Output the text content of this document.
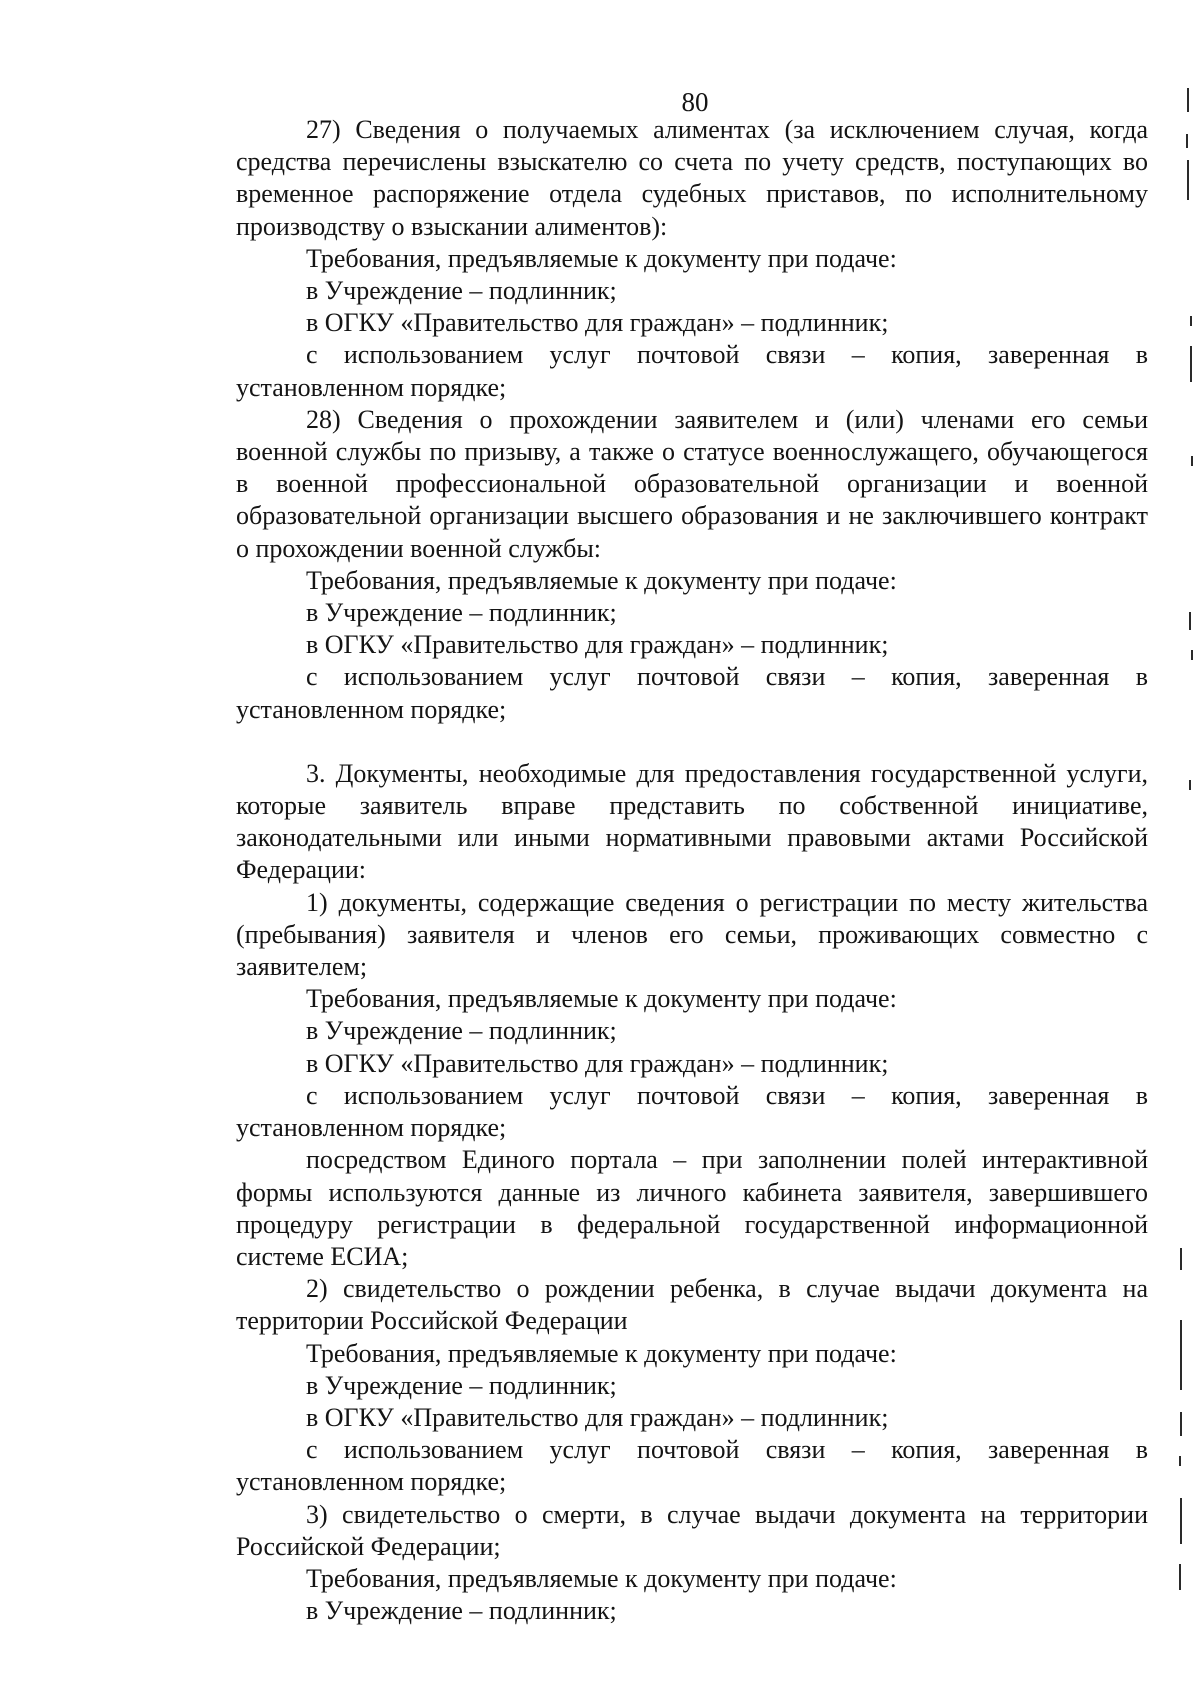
80

27) Сведения о получаемых алиментах (за исключением случая, когда средства перечислены взыскателю со счета по учету средств, поступающих во временное распоряжение отдела судебных приставов, по исполнительному производству о взыскании алиментов):

Требования, предъявляемые к документу при подаче:

в Учреждение – подлинник;

в ОГКУ «Правительство для граждан» – подлинник;

с использованием услуг почтовой связи – копия, заверенная в установленном порядке;

28) Сведения о прохождении заявителем и (или) членами его семьи военной службы по призыву, а также о статусе военнослужащего, обучающегося в военной профессиональной образовательной организации и военной образовательной организации высшего образования и не заключившего контракт о прохождении военной службы:

Требования, предъявляемые к документу при подаче:

в Учреждение – подлинник;

в ОГКУ «Правительство для граждан» – подлинник;

с использованием услуг почтовой связи – копия, заверенная в установленном порядке;

3. Документы, необходимые для предоставления государственной услуги, которые заявитель вправе представить по собственной инициативе, законодательными или иными нормативными правовыми актами Российской Федерации:

1) документы, содержащие сведения о регистрации по месту жительства (пребывания) заявителя и членов его семьи, проживающих совместно с заявителем;

Требования, предъявляемые к документу при подаче:

в Учреждение – подлинник;

в ОГКУ «Правительство для граждан» – подлинник;

с использованием услуг почтовой связи – копия, заверенная в установленном порядке;

посредством Единого портала – при заполнении полей интерактивной формы используются данные из личного кабинета заявителя, завершившего процедуру регистрации в федеральной государственной информационной системе ЕСИА;

2) свидетельство о рождении ребенка, в случае выдачи документа на территории Российской Федерации

Требования, предъявляемые к документу при подаче:

в Учреждение – подлинник;

в ОГКУ «Правительство для граждан» – подлинник;

с использованием услуг почтовой связи – копия, заверенная в установленном порядке;

3) свидетельство о смерти, в случае выдачи документа на территории Российской Федерации;

Требования, предъявляемые к документу при подаче:

в Учреждение – подлинник;
